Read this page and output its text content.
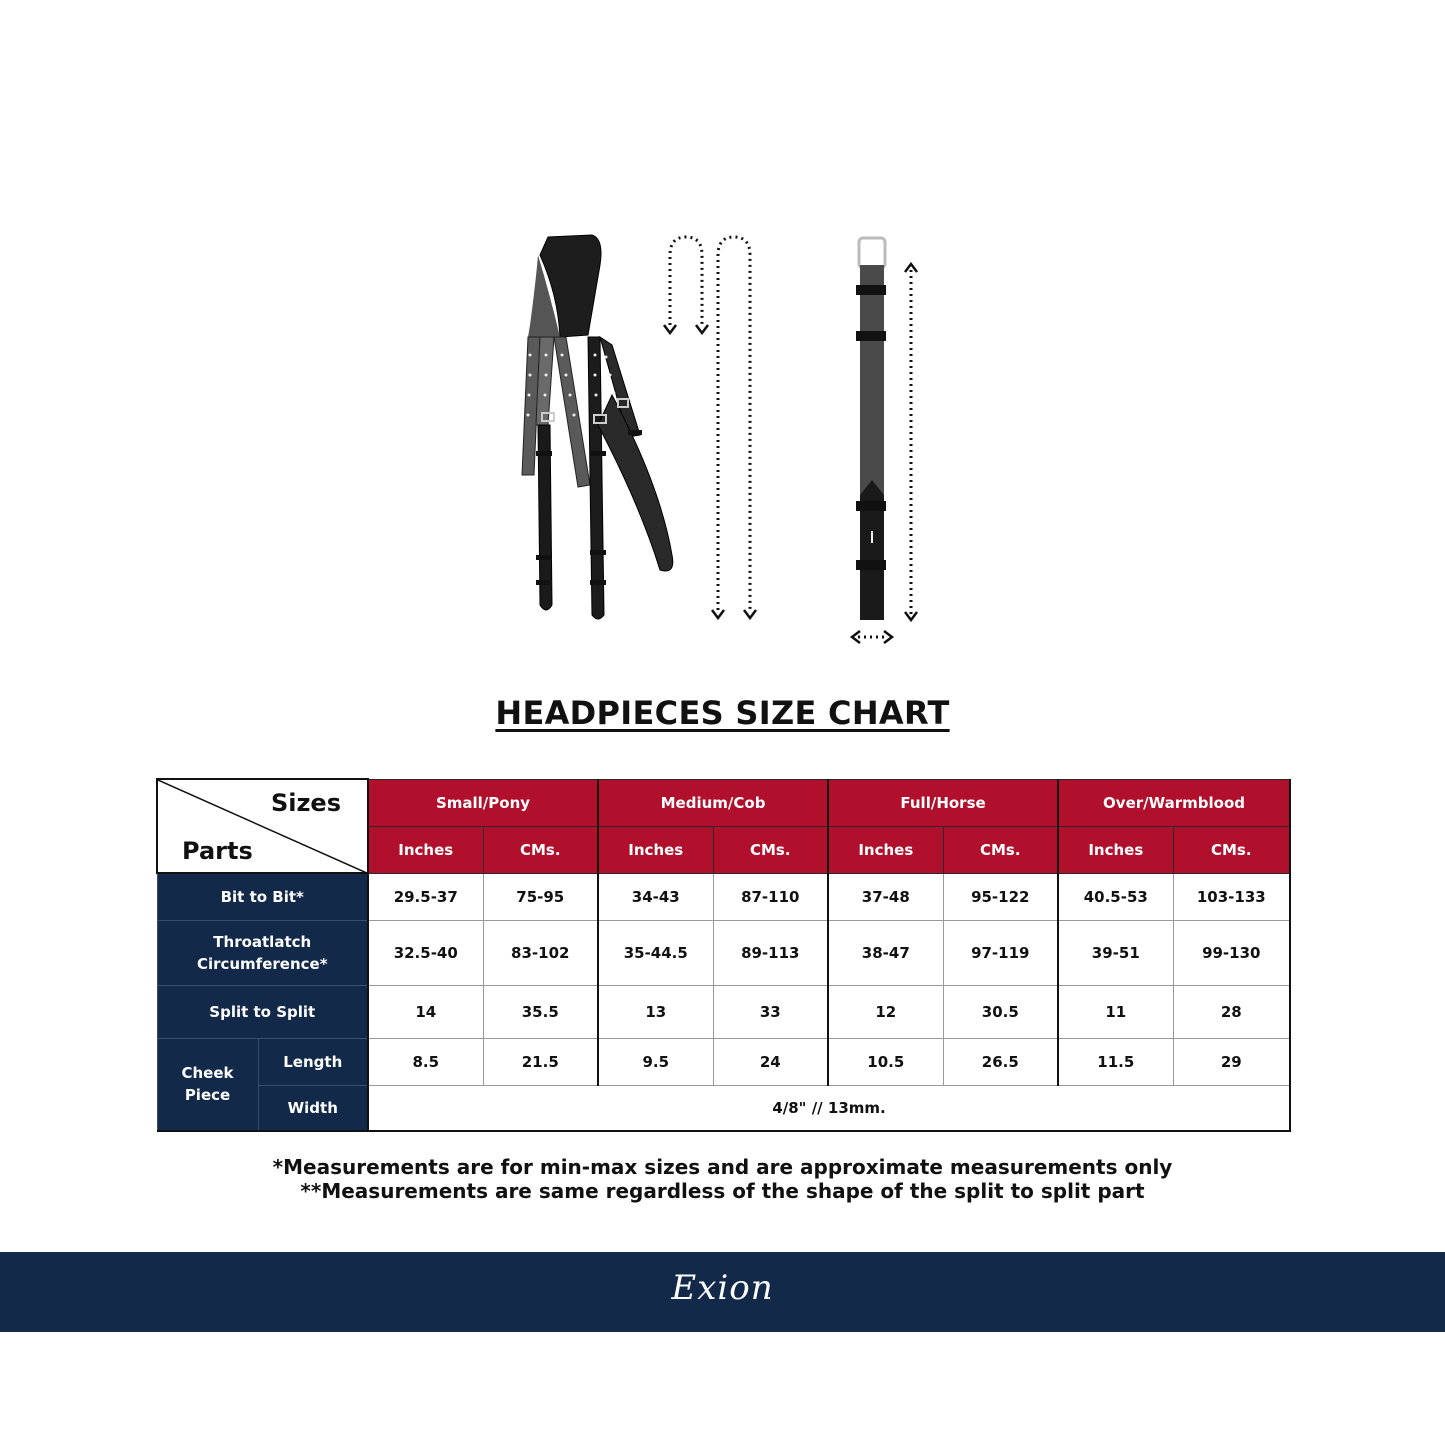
HEADPIECES SIZE CHART
Sizes
Parts		Small/Pony		Medium/Cob		Full/Horse		Over/Warmblood	
		Inches	CMs.	Inches	CMs.	Inches	CMs.	Inches	CMs.
Bit to Bit*		29.5-37	75-95	34-43	87-110	37-48	95-122	40.5-53	103-133

Throatlatch
Circumference*		32.5-40	83-102	35-44.5	89-113	38-47	97-119	39-51	99-130
Split to Split		14	35.5	13	33	12	30.5	11	28

Cheek
Piece	Length	8.5	21.5	9.5	24	10.5	26.5	11.5	29
	Width	4/8" // 13mm.							
*Measurements are for min-max sizes and are approximate measurements only
**Measurements are same regardless of the shape of the split to split part
Exion
